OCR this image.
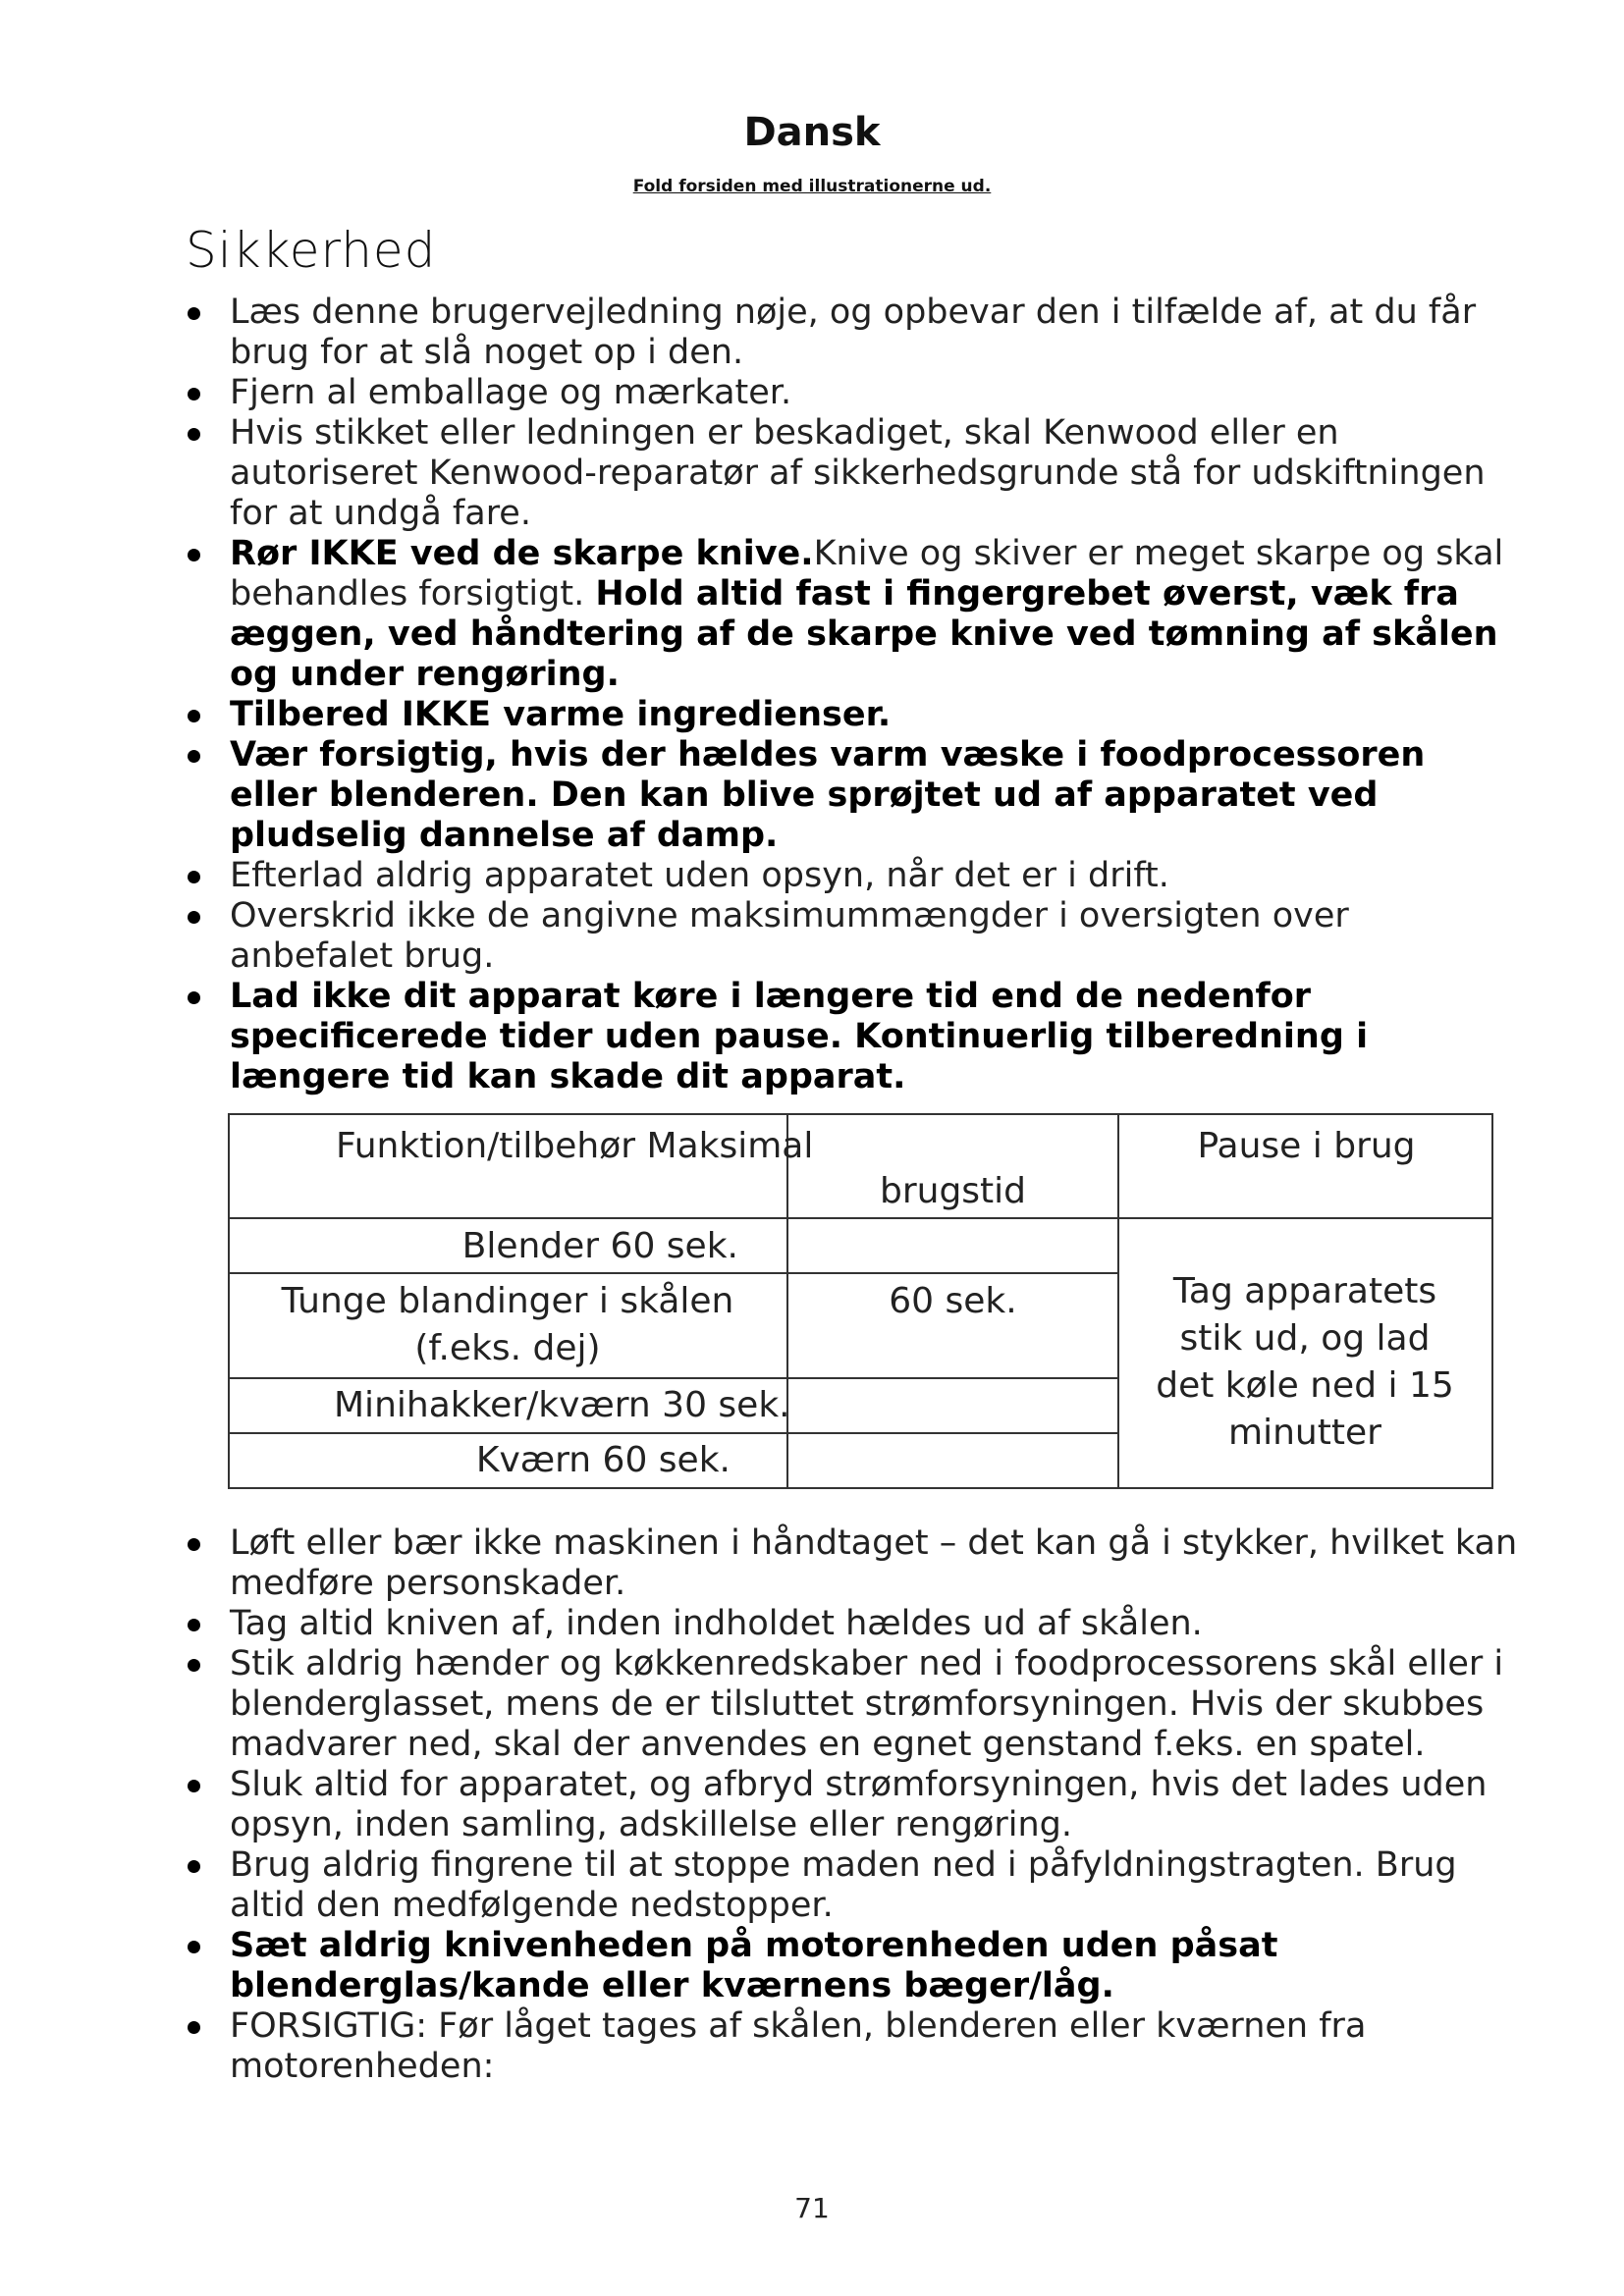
Dansk
Fold forsiden med illustrationerne ud.
Sikkerhed
Læs denne brugervejledning nøje, og opbevar den i tilfælde af, at du får brug for at slå noget op i den.
Fjern al emballage og mærkater.
Hvis stikket eller ledningen er beskadiget, skal Kenwood eller en autoriseret Kenwood-reparatør af sikkerhedsgrunde stå for udskiftningen for at undgå fare.
Rør IKKE ved de skarpe knive.Knive og skiver er meget skarpe og skal behandles forsigtigt. Hold altid fast i fingergrebet øverst, væk fra æggen, ved håndtering af de skarpe knive ved tømning af skålen og under rengøring.
Tilbered IKKE varme ingredienser.
Vær forsigtig, hvis der hældes varm væske i foodprocessoren eller blenderen. Den kan blive sprøjtet ud af apparatet ved pludselig dannelse af damp.
Efterlad aldrig apparatet uden opsyn, når det er i drift.
Overskrid ikke de angivne maksimummængder i oversigten over anbefalet brug.
Lad ikke dit apparat køre i længere tid end de nedenfor specificerede tider uden pause. Kontinuerlig tilberedning i længere tid kan skade dit apparat.
Funktion/tilbehør Maksimal
brugstid
Pause i brug
Blender 60 sek.
Tunge blandinger i skålen (f.eks. dej)
60 sek.
Minihakker/kværn 30 sek.
Kværn 60 sek.
Tag apparatets stik ud, og lad det køle ned i 15 minutter
Løft eller bær ikke maskinen i håndtaget – det kan gå i stykker, hvilket kan medføre personskader.
Tag altid kniven af, inden indholdet hældes ud af skålen.
Stik aldrig hænder og køkkenredskaber ned i foodprocessorens skål eller i blenderglasset, mens de er tilsluttet strømforsyningen. Hvis der skubbes madvarer ned, skal der anvendes en egnet genstand f.eks. en spatel.
Sluk altid for apparatet, og afbryd strømforsyningen, hvis det lades uden opsyn, inden samling, adskillelse eller rengøring.
Brug aldrig fingrene til at stoppe maden ned i påfyldningstragten. Brug altid den medfølgende nedstopper.
Sæt aldrig knivenheden på motorenheden uden påsat blenderglas/kande eller kværnens bæger/låg.
FORSIGTIG: Før låget tages af skålen, blenderen eller kværnen fra motorenheden:
71
